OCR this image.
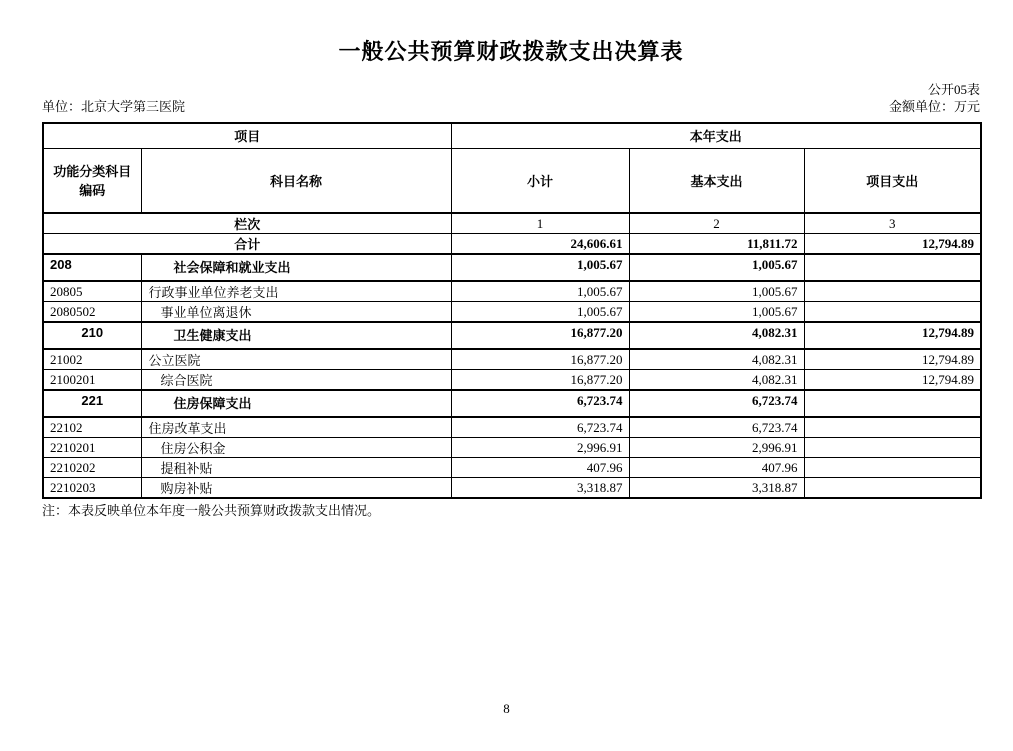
一般公共预算财政拨款支出决算表
公开05表
单位：北京大学第三医院	金额单位：万元
项目		本年支出		
功能分类科目编码	科目名称	小计	基本支出	项目支出
栏次		1	2	3
合计		24,606.61	11,811.72	12,794.89
208	社会保障和就业支出	1,005.67	1,005.67	
20805	行政事业单位养老支出	1,005.67	1,005.67	
2080502	事业单位离退休	1,005.67	1,005.67	
210	卫生健康支出	16,877.20	4,082.31	12,794.89
21002	公立医院	16,877.20	4,082.31	12,794.89
2100201	综合医院	16,877.20	4,082.31	12,794.89
221	住房保障支出	6,723.74	6,723.74	
22102	住房改革支出	6,723.74	6,723.74	
2210201	住房公积金	2,996.91	2,996.91	
2210202	提租补贴	407.96	407.96	
2210203	购房补贴	3,318.87	3,318.87	
注：本表反映单位本年度一般公共预算财政拨款支出情况。
8
